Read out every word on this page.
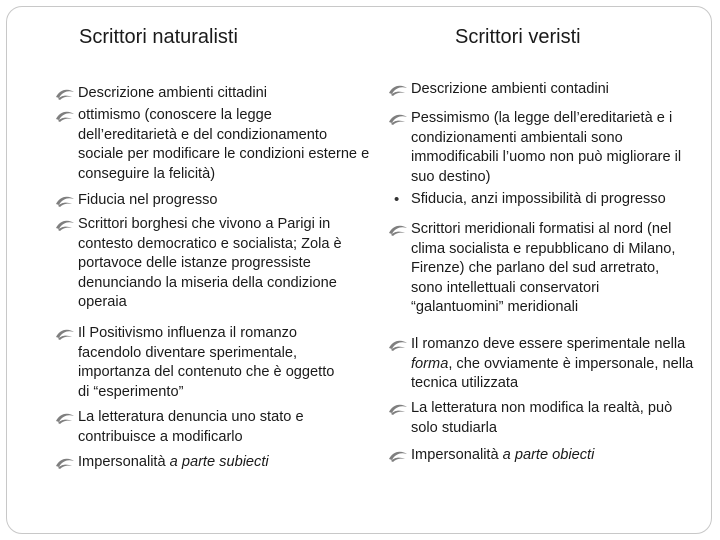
Scrittori naturalisti	Scrittori veristi
Descrizione ambienti cittadini
ottimismo (conoscere la legge dell’ereditarietà e del condizionamento sociale per modificare le condizioni esterne e conseguire la felicità)
Fiducia nel progresso
Scrittori borghesi che vivono a Parigi in contesto democratico e socialista; Zola è portavoce delle istanze progressiste denunciando la miseria della condizione operaia
Il Positivismo influenza il romanzo facendolo diventare sperimentale, importanza del contenuto che è oggetto di “esperimento”
La letteratura denuncia uno stato e contribuisce a modificarlo
Impersonalità a parte subiecti
Descrizione ambienti contadini
Pessimismo (la legge dell’ereditarietà e i condizionamenti ambientali sono immodificabili l’uomo non può migliorare il suo destino)
• Sfiducia, anzi impossibilità di progresso
Scrittori meridionali formatisi al nord (nel clima socialista e repubblicano di Milano, Firenze) che parlano del sud arretrato, sono intellettuali conservatori “galantuomini” meridionali
Il romanzo deve essere sperimentale nella forma, che ovviamente è impersonale, nella tecnica utilizzata
La letteratura non modifica la realtà, può solo studiarla
Impersonalità a parte obiecti
